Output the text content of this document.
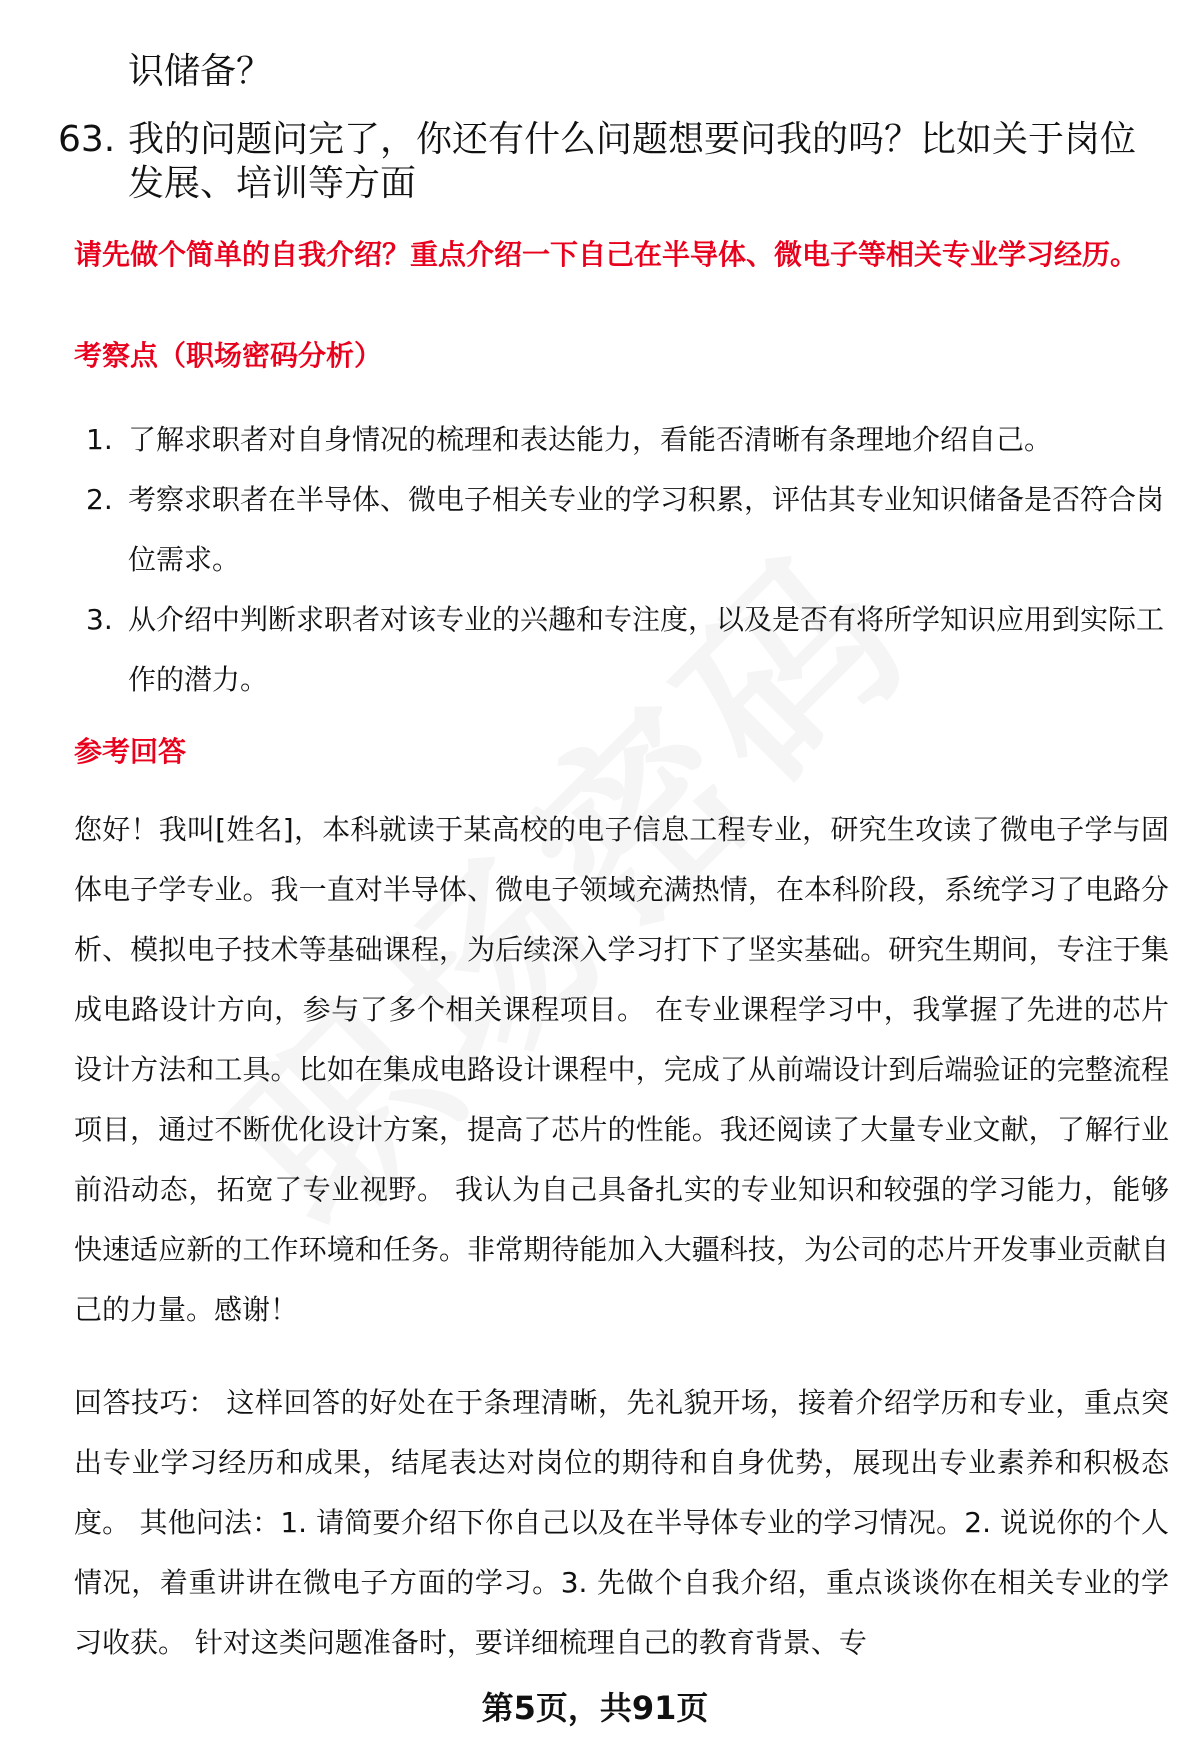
识储备？
63. 我的问题问完了，你还有什么问题想要问我的吗？比如关于岗位发展、培训等方面
请先做个简单的自我介绍？重点介绍一下自己在半导体、微电子等相关专业学习经历。
考察点（职场密码分析）
1. 了解求职者对自身情况的梳理和表达能力，看能否清晰有条理地介绍自己。
2. 考察求职者在半导体、微电子相关专业的学习积累，评估其专业知识储备是否符合岗位需求。
3. 从介绍中判断求职者对该专业的兴趣和专注度，以及是否有将所学知识应用到实际工作的潜力。
参考回答
您好！我叫[姓名]，本科就读于某高校的电子信息工程专业，研究生攻读了微电子学与固体电子学专业。我一直对半导体、微电子领域充满热情，在本科阶段，系统学习了电路分析、模拟电子技术等基础课程，为后续深入学习打下了坚实基础。研究生期间，专注于集成电路设计方向，参与了多个相关课程项目。 在专业课程学习中，我掌握了先进的芯片设计方法和工具。比如在集成电路设计课程中，完成了从前端设计到后端验证的完整流程项目，通过不断优化设计方案，提高了芯片的性能。我还阅读了大量专业文献，了解行业前沿动态，拓宽了专业视野。 我认为自己具备扎实的专业知识和较强的学习能力，能够快速适应新的工作环境和任务。非常期待能加入大疆科技，为公司的芯片开发事业贡献自己的力量。感谢！
回答技巧： 这样回答的好处在于条理清晰，先礼貌开场，接着介绍学历和专业，重点突出专业学习经历和成果，结尾表达对岗位的期待和自身优势，展现出专业素养和积极态度。 其他问法：1. 请简要介绍下你自己以及在半导体专业的学习情况。2. 说说你的个人情况，着重讲讲在微电子方面的学习。3. 先做个自我介绍，重点谈谈你在相关专业的学习收获。 针对这类问题准备时，要详细梳理自己的教育背景、专
第5页，共91页
